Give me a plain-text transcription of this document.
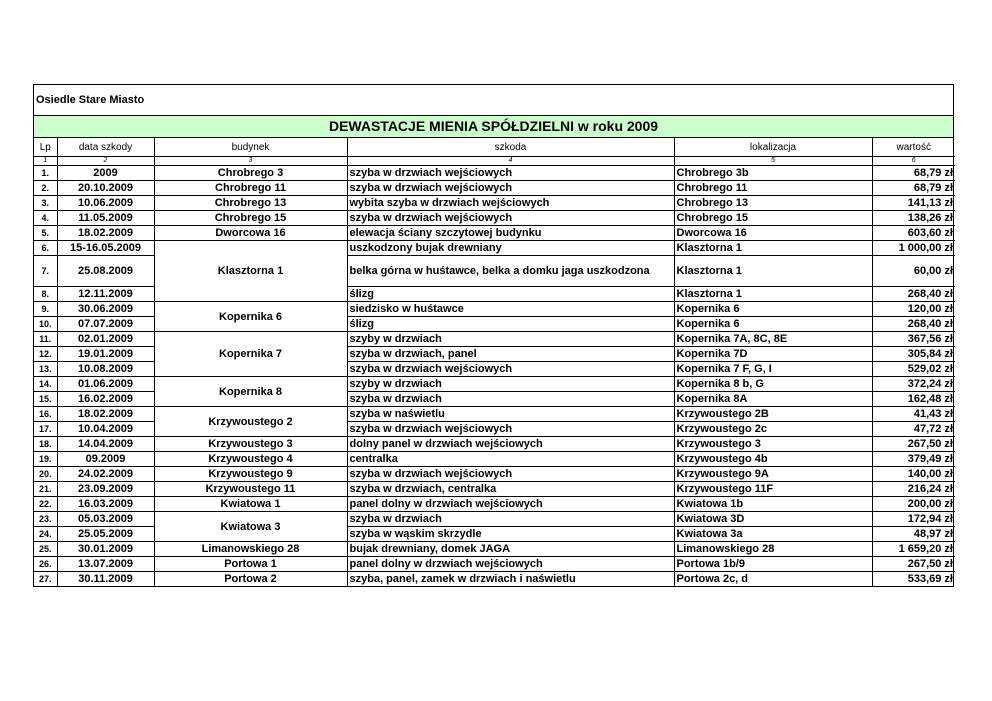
Osiedle Stare Miasto
DEWASTACJE MIENIA SPÓŁDZIELNI w roku 2009
Lp	data szkody	budynek	szkoda	lokalizacja	wartość
1	2	3	4	5	6
1.	2009	Chrobrego 3	szyba w drzwiach wejściowych	Chrobrego 3b	68,79 zł
2.	20.10.2009	Chrobrego 11	szyba w drzwiach wejściowych	Chrobrego 11	68,79 zł
3.	10.06.2009	Chrobrego 13	wybita szyba w drzwiach wejściowych	Chrobrego 13	141,13 zł
4.	11.05.2009	Chrobrego 15	szyba w drzwiach wejściowych	Chrobrego 15	138,26 zł
5.	18.02.2009	Dworcowa 16	elewacja ściany szczytowej budynku	Dworcowa 16	603,60 zł
6.	15-16.05.2009	Klasztorna 1	uszkodzony bujak drewniany	Klasztorna 1	1 000,00 zł
7.	25.08.2009		belka górna w huśtawce, belka a domku jaga uszkodzona	Klasztorna 1	60,00 zł
8.	12.11.2009		ślizg	Klasztorna 1	268,40 zł
9.	30.06.2009	Kopernika 6	siedzisko w huśtawce	Kopernika 6	120,00 zł
10.	07.07.2009		ślizg	Kopernika 6	268,40 zł
11.	02.01.2009	Kopernika 7	szyby w drzwiach	Kopernika 7A, 8C, 8E	367,56 zł
12.	19.01.2009		szyba w drzwiach, panel	Kopernika 7D	305,84 zł
13.	10.08.2009		szyba w drzwiach wejściowych	Kopernika 7 F, G, I	529,02 zł
14.	01.06.2009	Kopernika 8	szyby w drzwiach	Kopernika 8 b, G	372,24 zł
15.	16.02.2009		szyba w drzwiach	Kopernika 8A	162,48 zł
16.	18.02.2009	Krzywoustego 2	szyba w naświetlu	Krzywoustego 2B	41,43 zł
17.	10.04.2009		szyba w drzwiach wejściowych	Krzywoustego 2c	47,72 zł
18.	14.04.2009	Krzywoustego 3	dolny panel w drzwiach wejściowych	Krzywoustego 3	267,50 zł
19.	09.2009	Krzywoustego 4	centralka	Krzywoustego 4b	379,49 zł
20.	24.02.2009	Krzywoustego 9	szyba w drzwiach wejściowych	Krzywoustego 9A	140,00 zł
21.	23.09.2009	Krzywoustego 11	szyba w drzwiach, centralka	Krzywoustego 11F	216,24 zł
22.	16.03.2009	Kwiatowa 1	panel dolny w drzwiach wejściowych	Kwiatowa 1b	200,00 zł
23.	05.03.2009	Kwiatowa 3	szyba w drzwiach	Kwiatowa 3D	172,94 zł
24.	25.05.2009		szyba w wąskim skrzydle	Kwiatowa 3a	48,97 zł
25.	30.01.2009	Limanowskiego 28	bujak drewniany, domek JAGA	Limanowskiego 28	1 659,20 zł
26.	13.07.2009	Portowa 1	panel dolny w drzwiach wejściowych	Portowa 1b/9	267,50 zł
27.	30.11.2009	Portowa 2	szyba, panel, zamek w drzwiach i naświetlu	Portowa 2c, d	533,69 zł
